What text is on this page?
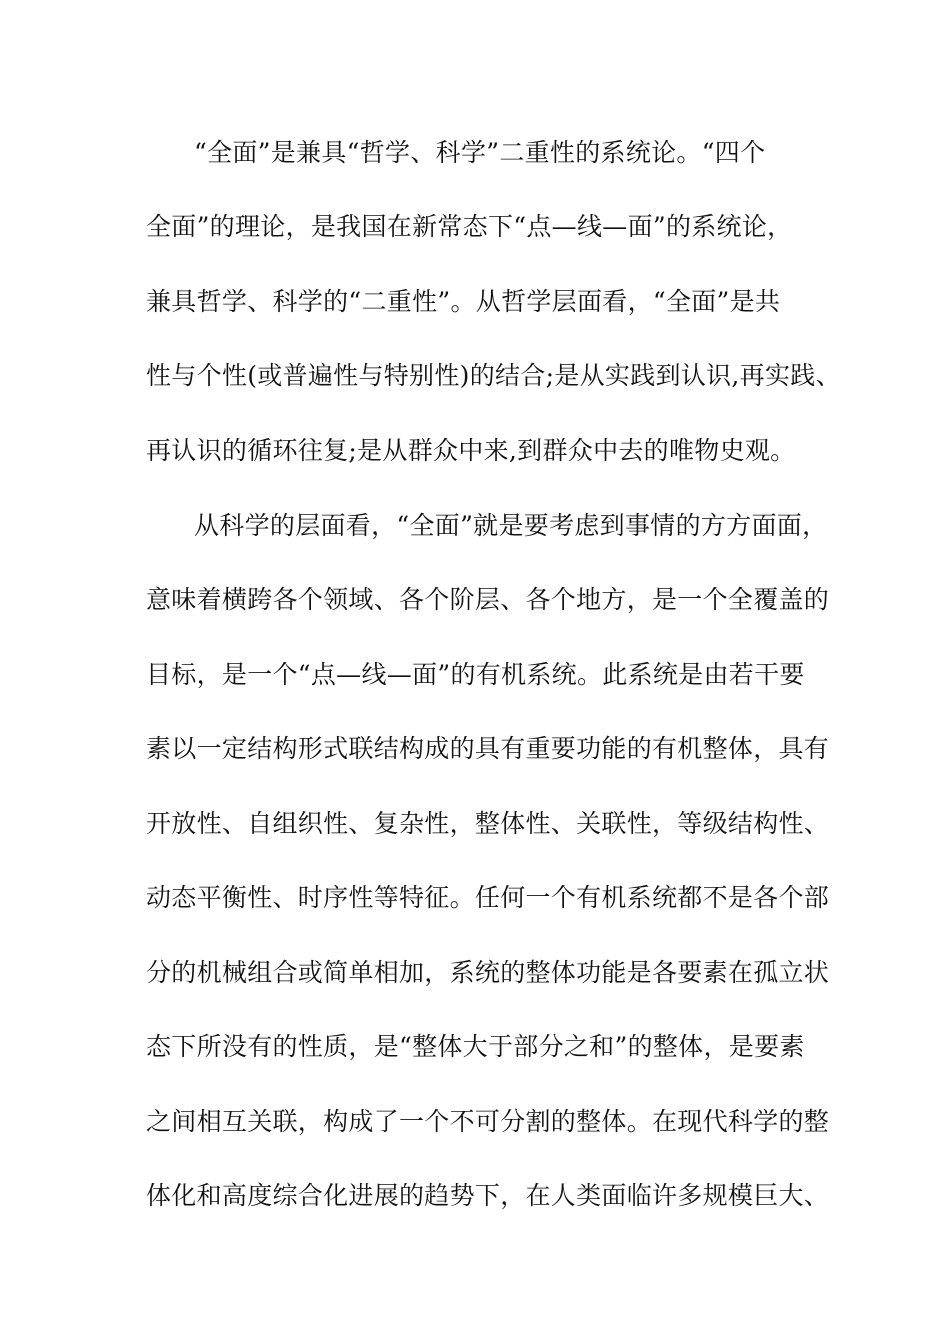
“全面”是兼具“哲学、科学”二重性的系统论。“四个
全面”的理论，是我国在新常态下“点—线—面”的系统论，
兼具哲学、科学的“二重性”。从哲学层面看，“全面”是共
性与个性(或普遍性与特别性)的结合;是从实践到认识,再实践、
再认识的循环往复;是从群众中来,到群众中去的唯物史观。
从科学的层面看，“全面”就是要考虑到事情的方方面面，
意味着横跨各个领域、各个阶层、各个地方，是一个全覆盖的
目标，是一个“点—线—面”的有机系统。此系统是由若干要
素以一定结构形式联结构成的具有重要功能的有机整体，具有
开放性、自组织性、复杂性，整体性、关联性，等级结构性、
动态平衡性、时序性等特征。任何一个有机系统都不是各个部
分的机械组合或简单相加，系统的整体功能是各要素在孤立状
态下所没有的性质，是“整体大于部分之和”的整体，是要素
之间相互关联，构成了一个不可分割的整体。在现代科学的整
体化和高度综合化进展的趋势下，在人类面临许多规模巨大、
